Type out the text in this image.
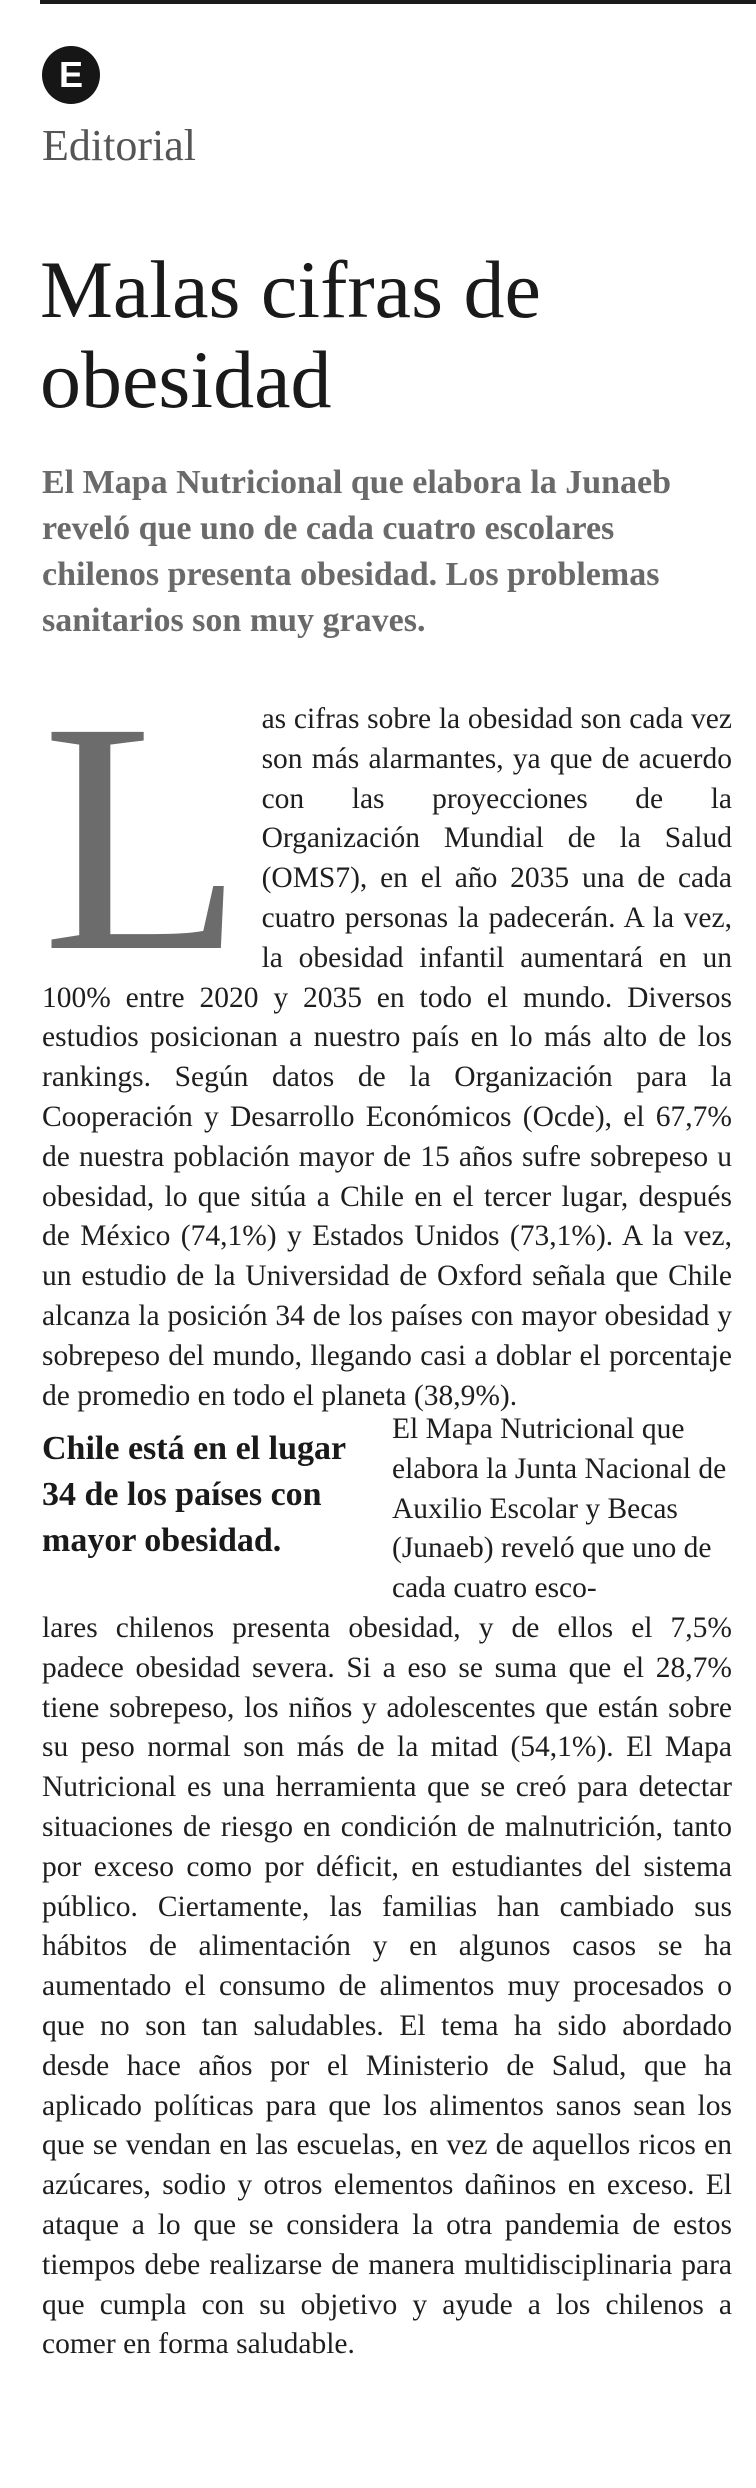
E
Editorial
Malas cifras de obesidad

El Mapa Nutricional que elabora la Junaeb reveló que uno de cada cuatro escolares chilenos presenta obesidad. Los problemas sanitarios son muy graves.

Las cifras sobre la obesidad son cada vez son más alarmantes, ya que de acuerdo con las proyecciones de la Organización Mundial de la Salud (OMS7), en el año 2035 una de cada cuatro personas la padecerán. A la vez, la obesidad infantil aumentará en un 100% entre 2020 y 2035 en todo el mundo. Diversos estudios posicionan a nuestro país en lo más alto de los rankings. Según datos de la Organización para la Cooperación y Desarrollo Económicos (Ocde), el 67,7% de nuestra población mayor de 15 años sufre sobrepeso u obesidad, lo que sitúa a Chile en el tercer lugar, después de México (74,1%) y Estados Unidos (73,1%). A la vez, un estudio de la Universidad de Oxford señala que Chile alcanza la posición 34 de los países con mayor obesidad y sobrepeso del mundo, llegando casi a doblar el porcentaje de promedio en todo el planeta (38,9%).

Chile está en el lugar 34 de los países con mayor obesidad.

El Mapa Nutricional que elabora la Junta Nacional de Auxilio Escolar y Becas (Junaeb) reveló que uno de cada cuatro esco-

lares chilenos presenta obesidad, y de ellos el 7,5% padece obesidad severa. Si a eso se suma que el 28,7% tiene sobrepeso, los niños y adolescentes que están sobre su peso normal son más de la mitad (54,1%). El Mapa Nutricional es una herramienta que se creó para detectar situaciones de riesgo en condición de malnutrición, tanto por exceso como por déficit, en estudiantes del sistema público. Ciertamente, las familias han cambiado sus hábitos de alimentación y en algunos casos se ha aumentado el consumo de alimentos muy procesados o que no son tan saludables. El tema ha sido abordado desde hace años por el Ministerio de Salud, que ha aplicado políticas para que los alimentos sanos sean los que se vendan en las escuelas, en vez de aquellos ricos en azúcares, sodio y otros elementos dañinos en exceso. El ataque a lo que se considera la otra pandemia de estos tiempos debe realizarse de manera multidisciplinaria para que cumpla con su objetivo y ayude a los chilenos a comer en forma saludable.
